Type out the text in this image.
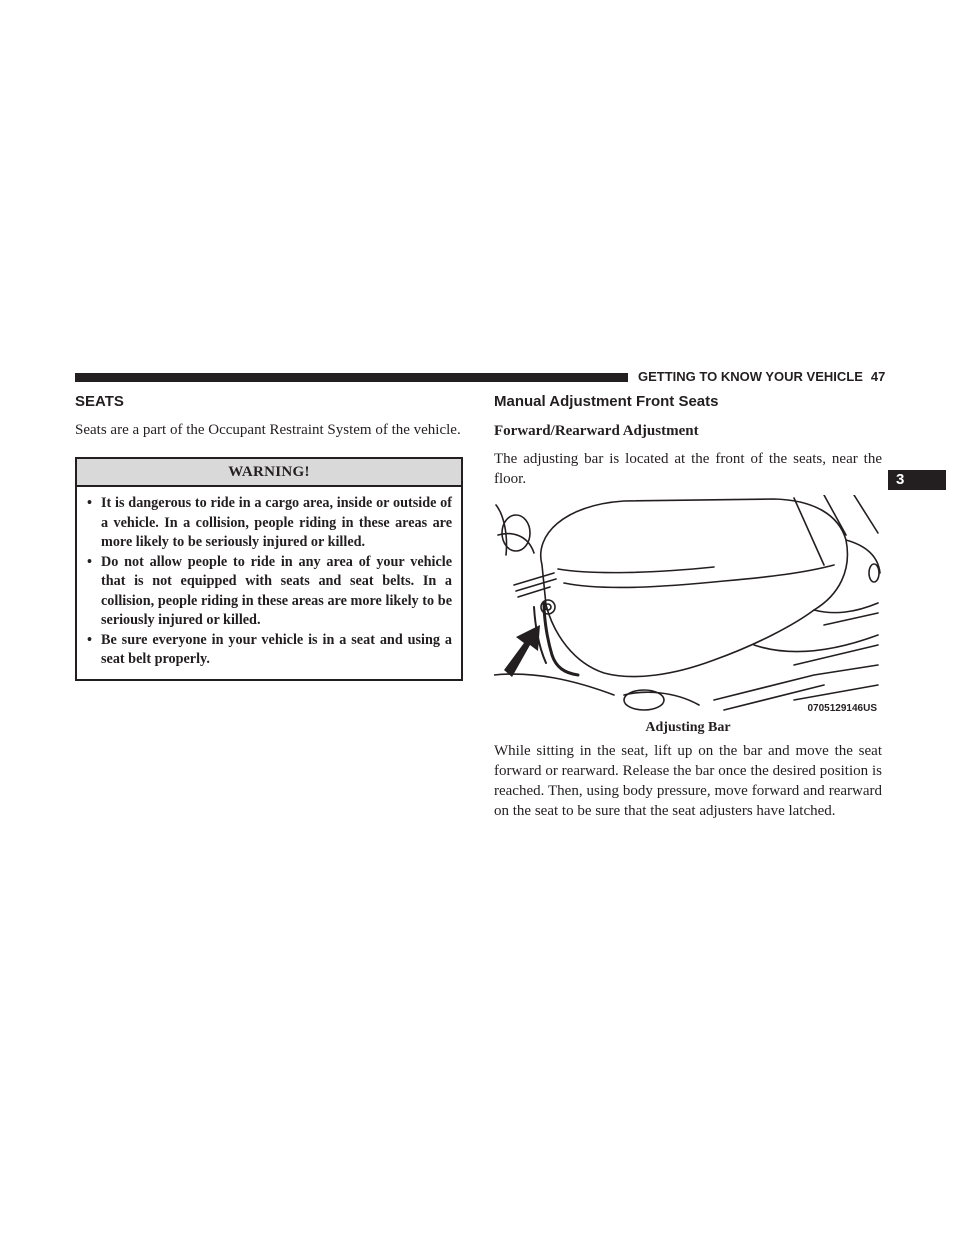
GETTING TO KNOW YOUR VEHICLE 47
3
SEATS

Seats are a part of the Occupant Restraint System of the vehicle.

WARNING!
• It is dangerous to ride in a cargo area, inside or outside of a vehicle. In a collision, people riding in these areas are more likely to be seriously injured or killed.
• Do not allow people to ride in any area of your vehicle that is not equipped with seats and seat belts. In a collision, people riding in these areas are more likely to be seriously injured or killed.
• Be sure everyone in your vehicle is in a seat and using a seat belt properly.
Manual Adjustment Front Seats
Forward/Rearward Adjustment

The adjusting bar is located at the front of the seats, near the floor.

0705129146US
Adjusting Bar

While sitting in the seat, lift up on the bar and move the seat forward or rearward. Release the bar once the desired position is reached. Then, using body pressure, move forward and rearward on the seat to be sure that the seat adjusters have latched.
